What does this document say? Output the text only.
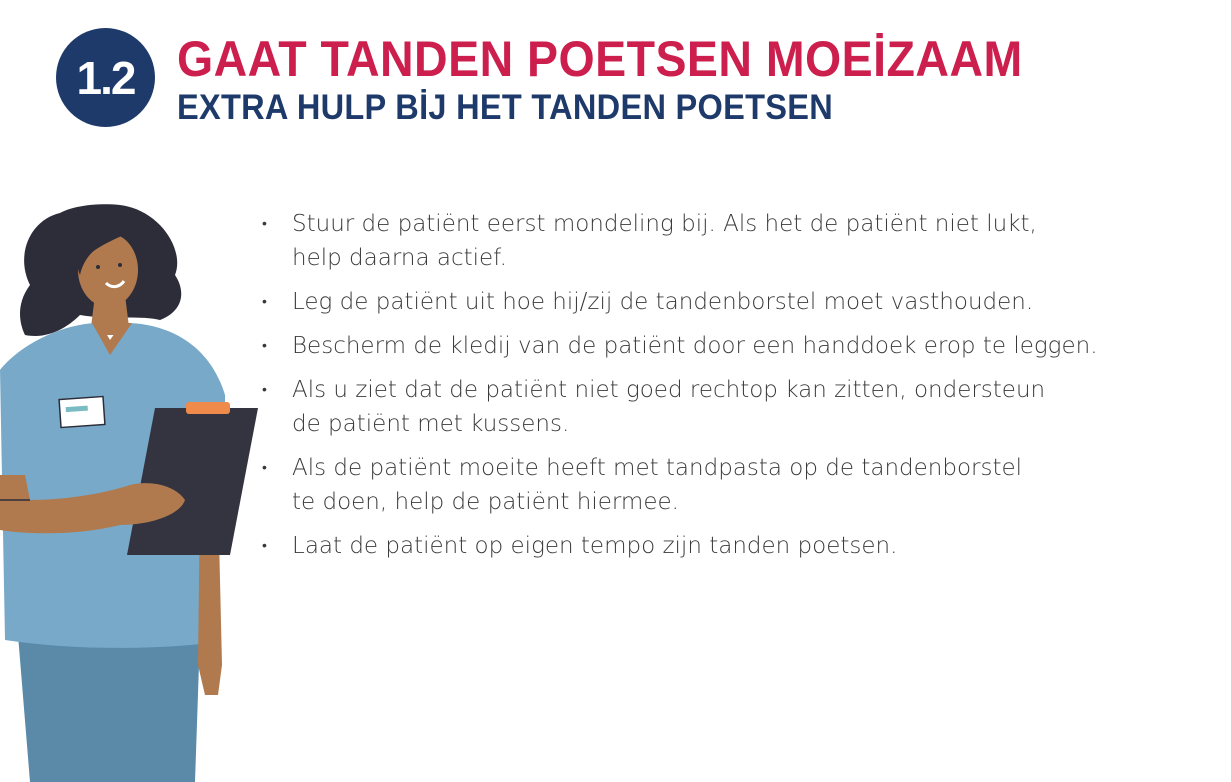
1.2 GAAT TANDEN POETSEN MOEİZAAM
EXTRA HULP BİJ HET TANDEN POETSEN
• Stuur de patiënt eerst mondeling bij. Als het de patiënt niet lukt,
help daarna actief.
• Leg de patiënt uit hoe hij/zij de tandenborstel moet vasthouden.
• Bescherm de kledij van de patiënt door een handdoek erop te leggen.
• Als u ziet dat de patiënt niet goed rechtop kan zitten, ondersteun
de patiënt met kussens.
• Als de patiënt moeite heeft met tandpasta op de tandenborstel
te doen, help de patiënt hiermee.
• Laat de patiënt op eigen tempo zijn tanden poetsen.
